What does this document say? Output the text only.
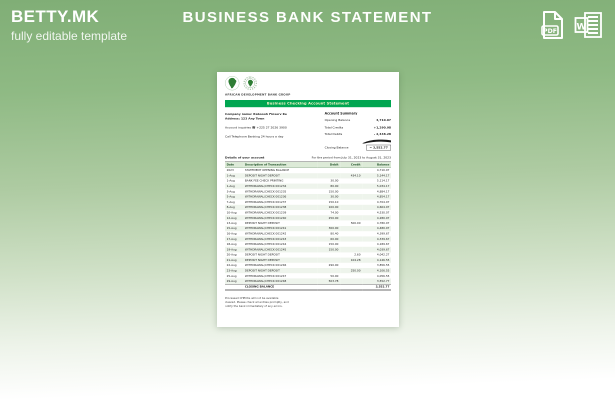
BETTY.MK
fully editable template
BUSINESS BANK STATEMENT
PDF W
AFRICAN DEVELOPMENT BANK GROUP
Business Checking Account Statement
Company name: Raboooh Finserv Ke
Address: 123 Any Town
Account inquiries ☎ +225 27 2026 3900
Call Telephone Banking 24 hours a day
Account Summary
Opening Balance	4,710.07
Total Credits	+1,290.98
Total Debits	- 2,448.28
Closing Balance	= 3,552.77
Details of your account	For the period from July 31, 2023 to August 31, 2023
Date	Description of Transaction	Debit	Credit	Balance
2023	STATEMENT OPENING BALANCE			4,710.07
1-Aug	DEPOSIT NIGHT DEPOSIT		434.10	5,144.17
1-Aug	BANK FEE CHECK PRINTING	30.00		5,114.17
1-Aug	WITHDRAWAL/CHECK 001234	80.00		5,034.17
3-Aug	WITHDRAWAL/CHECK 001235	150.00		4,884.17
5-Aug	WITHDRAWAL/CHECK 001236	30.00		4,854.17
7-Aug	WITHDRAWAL/CHECK 001237	150.10		4,704.07
8-Aug	WITHDRAWAL/CHECK 001238	100.00		4,604.07
10-Aug	WITHDRAWAL/CHECK 001239	74.00		4,530.07
12-Aug	WITHDRAWAL/CHECK 001240	250.00		4,280.07
13-Aug	DEPOSIT NIGHT DEPOSIT		500.00	4,780.07
15-Aug	WITHDRAWAL/CHECK 001241	300.00		4,480.07
16-Aug	WITHDRAWAL/CHECK 001242	80.40		4,399.67
17-Aug	WITHDRAWAL/CHECK 001243	60.00		4,339.67
18-Aug	WITHDRAWAL/CHECK 001244	150.00		4,189.67
19-Aug	WITHDRAWAL/CHECK 001245	150.00		4,039.67
20-Aug	DEPOSIT NIGHT DEPOSIT		2.60	4,042.27
21-Aug	DEPOSIT NIGHT DEPOSIT		104.28	4,146.55
22-Aug	WITHDRAWAL/CHECK 001246	290.00		3,856.55
23-Aug	DEPOSIT NIGHT DEPOSIT		250.00	4,106.55
25-Aug	WITHDRAWAL/CHECK 001247	50.00		4,056.55
29-Aug	WITHDRAWAL/CHECK 001248	503.78		3,552.77
	CLOSING BALANCE			3,552.77
Processed CHECKs will not be available
cleared. Please check all entries promptly, and
notify the bank immediately of any errors.
